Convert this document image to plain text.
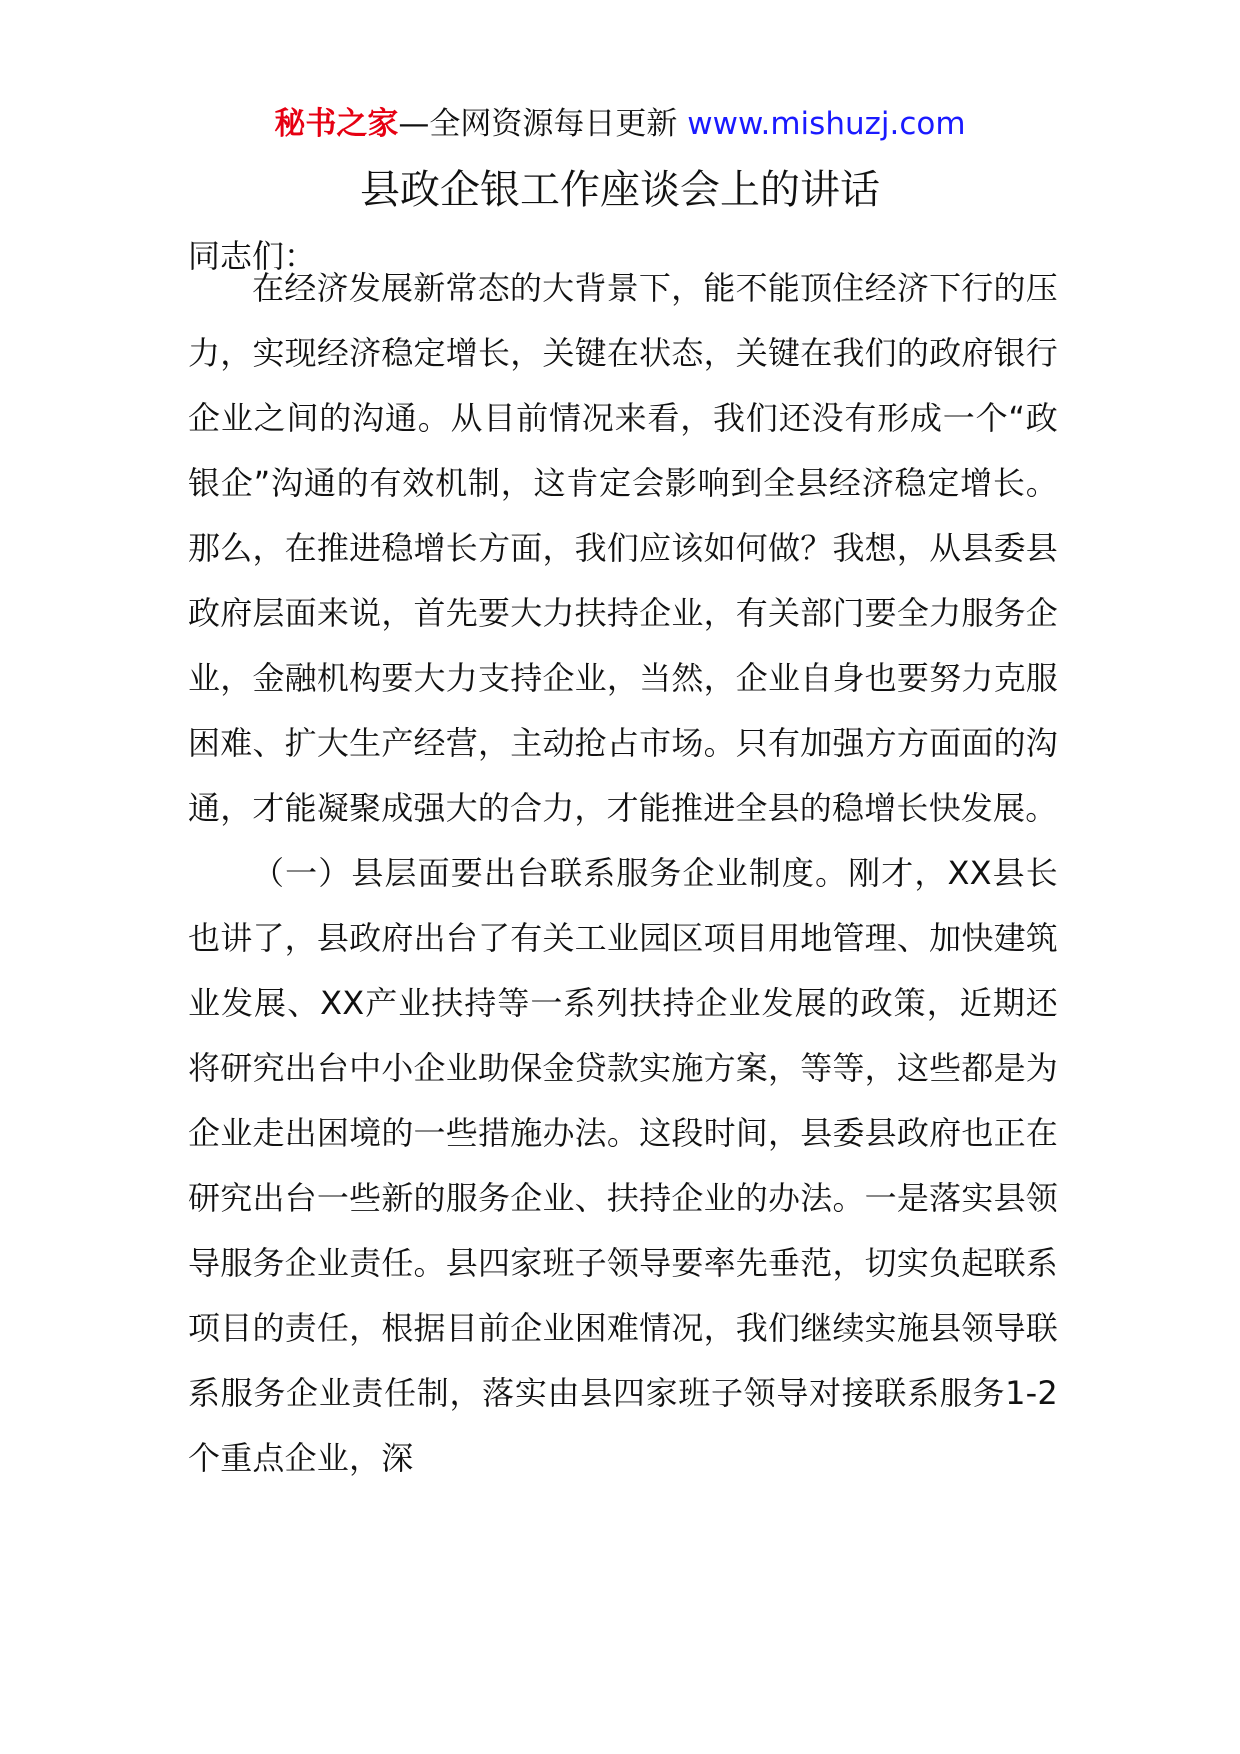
秘书之家—全网资源每日更新 www.mishuzj.com
县政企银工作座谈会上的讲话
同志们：

在经济发展新常态的大背景下，能不能顶住经济下行的压力，实现经济稳定增长，关键在状态，关键在我们的政府银行企业之间的沟通。从目前情况来看，我们还没有形成一个“政银企”沟通的有效机制，这肯定会影响到全县经济稳定增长。那么，在推进稳增长方面，我们应该如何做？我想，从县委县政府层面来说，首先要大力扶持企业，有关部门要全力服务企业，金融机构要大力支持企业，当然，企业自身也要努力克服困难、扩大生产经营，主动抢占市场。只有加强方方面面的沟通，才能凝聚成强大的合力，才能推进全县的稳增长快发展。

（一）县层面要出台联系服务企业制度。刚才，XX县长也讲了，县政府出台了有关工业园区项目用地管理、加快建筑业发展、XX产业扶持等一系列扶持企业发展的政策，近期还将研究出台中小企业助保金贷款实施方案，等等，这些都是为企业走出困境的一些措施办法。这段时间，县委县政府也正在研究出台一些新的服务企业、扶持企业的办法。一是落实县领导服务企业责任。县四家班子领导要率先垂范，切实负起联系项目的责任，根据目前企业困难情况，我们继续实施县领导联系服务企业责任制，落实由县四家班子领导对接联系服务1-2个重点企业，深
